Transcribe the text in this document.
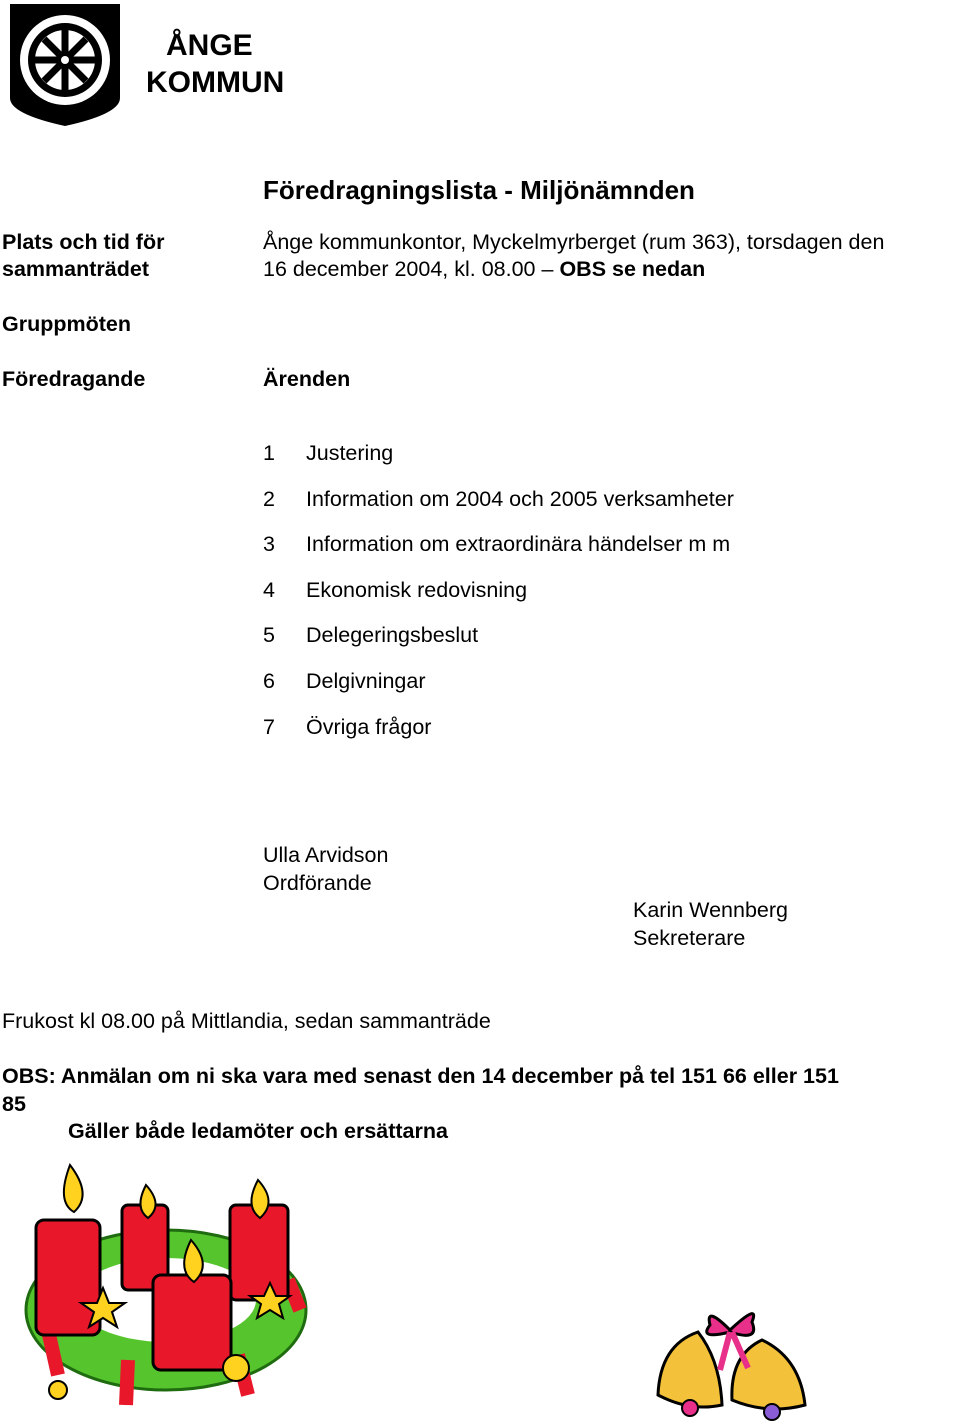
ÅNGE
KOMMUN
Föredragningslista - Miljönämnden
Plats och tid för
sammanträdet
Ånge kommunkontor, Myckelmyrberget (rum 363), torsdagen den
16 december 2004, kl. 08.00 – OBS se nedan
Gruppmöten
Föredragande	Ärenden
1 Justering
2 Information om 2004 och 2005 verksamheter
3 Information om extraordinära händelser m m
4 Ekonomisk redovisning
5 Delegeringsbeslut
6 Delgivningar
7 Övriga frågor
Ulla Arvidson
Ordförande
Karin Wennberg
Sekreterare
Frukost kl 08.00 på Mittlandia, sedan sammanträde
OBS: Anmälan om ni ska vara med senast den 14 december på tel 151 66 eller 151
85
Gäller både ledamöter och ersättarna
